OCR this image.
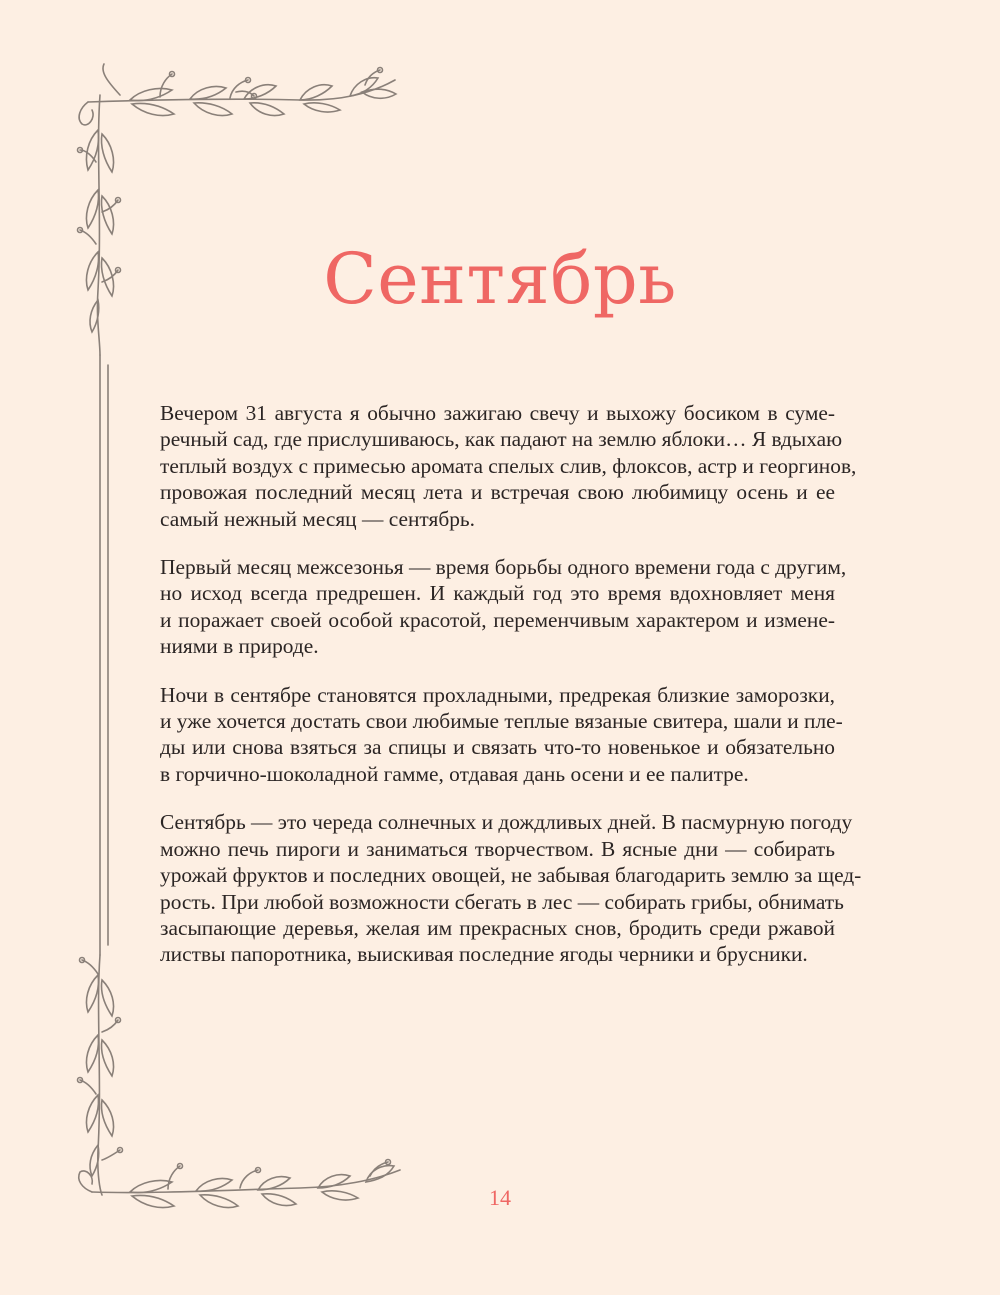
Сентябрь

Вечером 31 августа я обычно зажигаю свечу и выхожу босиком в суме-
речный сад, где прислушиваюсь, как падают на землю яблоки… Я вдыхаю
теплый воздух с примесью аромата спелых слив, флоксов, астр и георгинов,
провожая последний месяц лета и встречая свою любимицу осень и ее
самый нежный месяц — сентябрь.

Первый месяц межсезонья — время борьбы одного времени года с другим,
но исход всегда предрешен. И каждый год это время вдохновляет меня
и поражает своей особой красотой, переменчивым характером и измене-
ниями в природе.

Ночи в сентябре становятся прохладными, предрекая близкие заморозки,
и уже хочется достать свои любимые теплые вязаные свитера, шали и пле-
ды или снова взяться за спицы и связать что-то новенькое и обязательно
в горчично-шоколадной гамме, отдавая дань осени и ее палитре.

Сентябрь — это череда солнечных и дождливых дней. В пасмурную погоду
можно печь пироги и заниматься творчеством. В ясные дни — собирать
урожай фруктов и последних овощей, не забывая благодарить землю за щед-
рость. При любой возможности сбегать в лес — собирать грибы, обнимать
засыпающие деревья, желая им прекрасных снов, бродить среди ржавой
листвы папоротника, выискивая последние ягоды черники и брусники.

14
